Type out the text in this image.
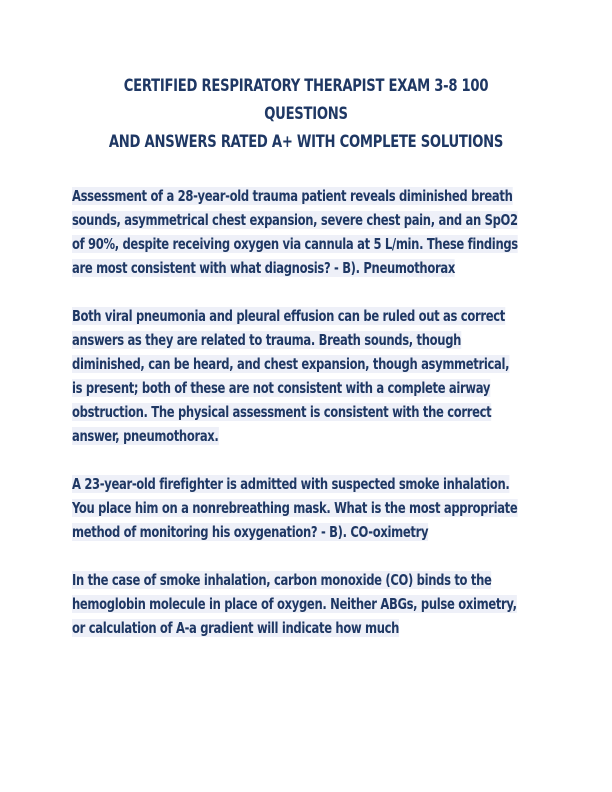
CERTIFIED RESPIRATORY THERAPIST EXAM 3-8 100 QUESTIONS
AND ANSWERS RATED A+ WITH COMPLETE SOLUTIONS

Assessment of a 28-year-old trauma patient reveals diminished breath sounds, asymmetrical chest expansion, severe chest pain, and an SpO2 of 90%, despite receiving oxygen via cannula at 5 L/min. These findings are most consistent with what diagnosis? - B). Pneumothorax

Both viral pneumonia and pleural effusion can be ruled out as correct answers as they are related to trauma. Breath sounds, though diminished, can be heard, and chest expansion, though asymmetrical, is present; both of these are not consistent with a complete airway obstruction. The physical assessment is consistent with the correct answer, pneumothorax.

A 23-year-old firefighter is admitted with suspected smoke inhalation. You place him on a nonrebreathing mask. What is the most appropriate method of monitoring his oxygenation? - B). CO-oximetry

In the case of smoke inhalation, carbon monoxide (CO) binds to the hemoglobin molecule in place of oxygen. Neither ABGs, pulse oximetry, or calculation of A-a gradient will indicate how much
